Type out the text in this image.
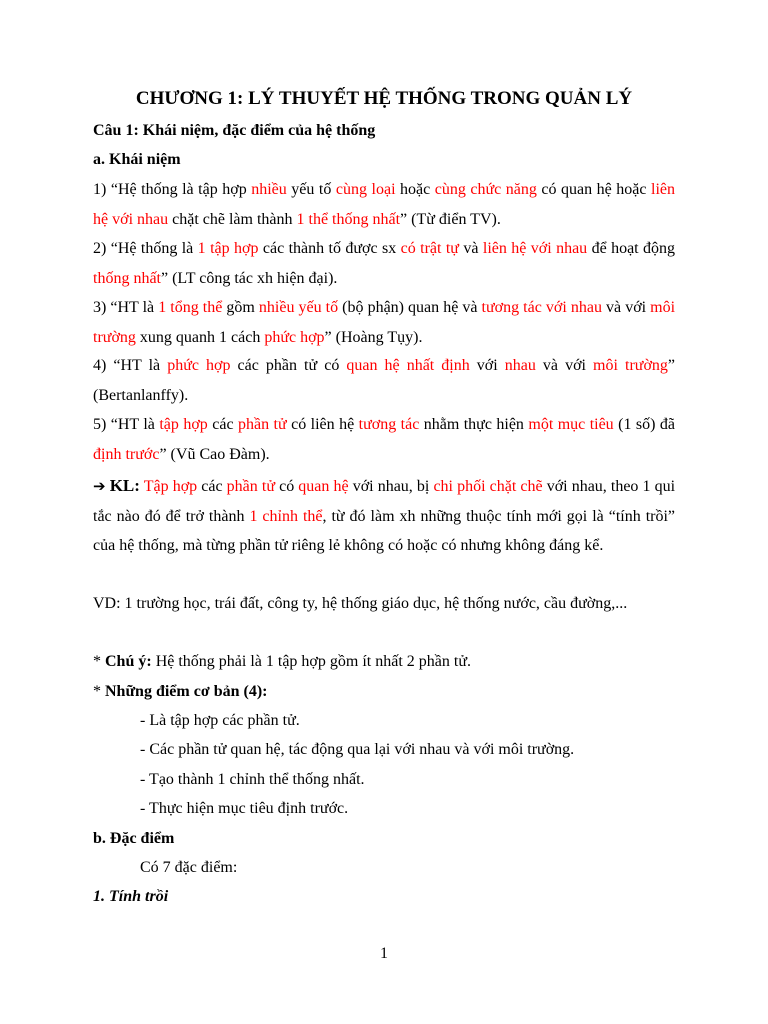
CHƯƠNG 1: LÝ THUYẾT HỆ THỐNG TRONG QUẢN LÝ
Câu 1: Khái niệm, đặc điểm của hệ thống
a. Khái niệm
1) “Hệ thống là tập hợp nhiều yếu tố cùng loại hoặc cùng chức năng có quan hệ hoặc liên hệ với nhau chặt chẽ làm thành 1 thể thống nhất” (Từ điển TV).
2) “Hệ thống là 1 tập hợp các thành tố được sx có trật tự và liên hệ với nhau để hoạt động thống nhất” (LT công tác xh hiện đại).
3) “HT là 1 tổng thể gồm nhiều yếu tố (bộ phận) quan hệ và tương tác với nhau và với môi trường xung quanh 1 cách phức hợp” (Hoàng Tụy).
4) “HT là phức hợp các phần tử có quan hệ nhất định với nhau và với môi trường” (Bertanlanffy).
5) “HT là tập hợp các phần tử có liên hệ tương tác nhằm thực hiện một mục tiêu (1 số) đã định trước” (Vũ Cao Đàm).
➔ KL: Tập hợp các phần tử có quan hệ với nhau, bị chi phối chặt chẽ với nhau, theo 1 qui tắc nào đó để trở thành 1 chỉnh thể, từ đó làm xh những thuộc tính mới gọi là “tính trồi” của hệ thống, mà từng phần tử riêng lẻ không có hoặc có nhưng không đáng kể.
VD: 1 trường học, trái đất, công ty, hệ thống giáo dục, hệ thống nước, cầu đường,...
* Chú ý: Hệ thống phải là 1 tập hợp gồm ít nhất 2 phần tử.
* Những điểm cơ bản (4):
- Là tập hợp các phần tử.
- Các phần tử quan hệ, tác động qua lại với nhau và với môi trường.
- Tạo thành 1 chỉnh thể thống nhất.
- Thực hiện mục tiêu định trước.
b. Đặc điểm
Có 7 đặc điểm:
1. Tính trồi
1
